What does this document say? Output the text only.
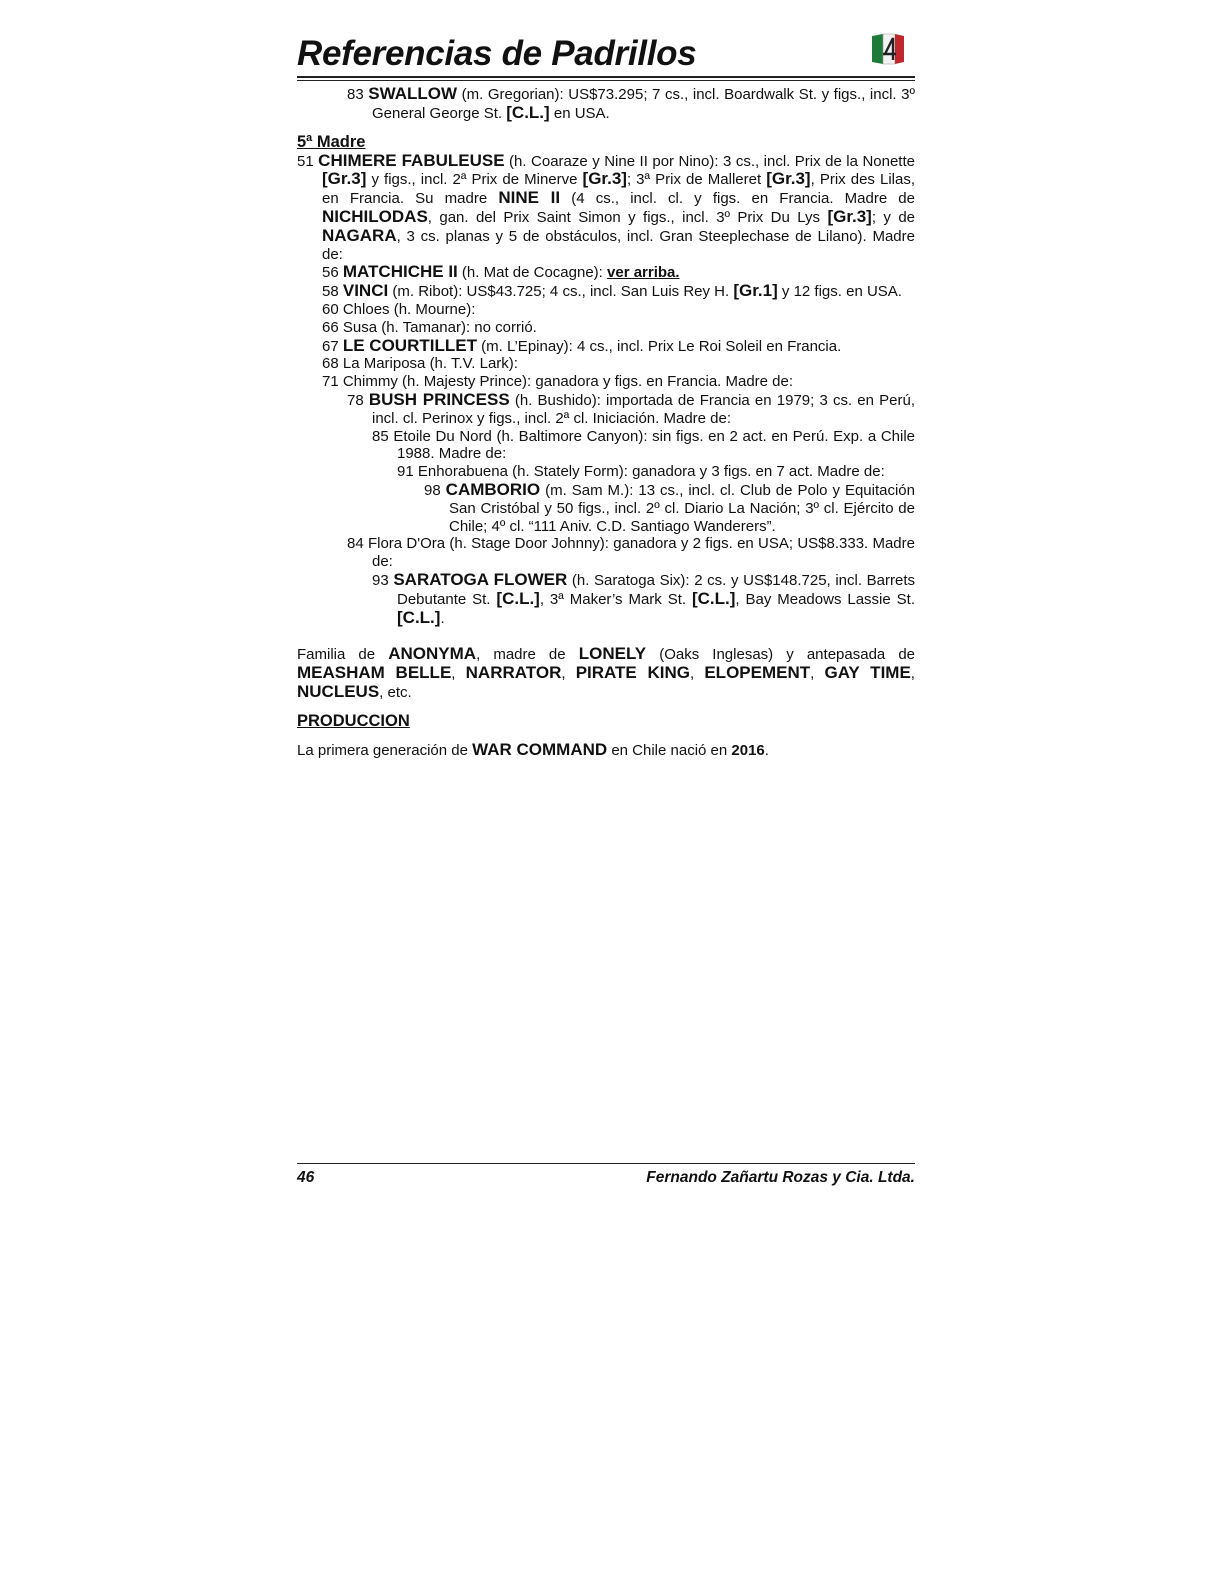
Referencias de Padrillos
83 SWALLOW (m. Gregorian): US$73.295; 7 cs., incl. Boardwalk St. y figs., incl. 3º General George St. [C.L.] en USA.
5ª Madre
51 CHIMERE FABULEUSE (h. Coaraze y Nine II por Nino): 3 cs., incl. Prix de la Nonette [Gr.3] y figs., incl. 2ª Prix de Minerve [Gr.3]; 3ª Prix de Malleret [Gr.3], Prix des Lilas, en Francia. Su madre NINE II (4 cs., incl. cl. y figs. en Francia. Madre de NICHILODAS, gan. del Prix Saint Simon y figs., incl. 3º Prix Du Lys [Gr.3]; y de NAGARA, 3 cs. planas y 5 de obstáculos, incl. Gran Steeplechase de Lilano). Madre de:
56 MATCHICHE II (h. Mat de Cocagne): ver arriba.
58 VINCI (m. Ribot): US$43.725; 4 cs., incl. San Luis Rey H. [Gr.1] y 12 figs. en USA.
60 Chloes (h. Mourne):
66 Susa (h. Tamanar): no corrió.
67 LE COURTILLET (m. L’Epinay): 4 cs., incl. Prix Le Roi Soleil en Francia.
68 La Mariposa (h. T.V. Lark):
71 Chimmy (h. Majesty Prince): ganadora y figs. en Francia. Madre de:
78 BUSH PRINCESS (h. Bushido): importada de Francia en 1979; 3 cs. en Perú, incl. cl. Perinox y figs., incl. 2ª cl. Iniciación. Madre de:
85 Etoile Du Nord (h. Baltimore Canyon): sin figs. en 2 act. en Perú. Exp. a Chile 1988. Madre de:
91 Enhorabuena (h. Stately Form): ganadora y 3 figs. en 7 act. Madre de:
98 CAMBORIO (m. Sam M.): 13 cs., incl. cl. Club de Polo y Equitación San Cristóbal y 50 figs., incl. 2º cl. Diario La Nación; 3º cl. Ejército de Chile; 4º cl. “111 Aniv. C.D. Santiago Wanderers”.
84 Flora D'Ora (h. Stage Door Johnny): ganadora y 2 figs. en USA; US$8.333. Madre de:
93 SARATOGA FLOWER (h. Saratoga Six): 2 cs. y US$148.725, incl. Barrets Debutante St. [C.L.], 3ª Maker’s Mark St. [C.L.], Bay Meadows Lassie St. [C.L.].
Familia de ANONYMA, madre de LONELY (Oaks Inglesas) y antepasada de MEASHAM BELLE, NARRATOR, PIRATE KING, ELOPEMENT, GAY TIME, NUCLEUS, etc.
PRODUCCION
La primera generación de WAR COMMAND en Chile nació en 2016.
46	Fernando Zañartu Rozas y Cia. Ltda.
